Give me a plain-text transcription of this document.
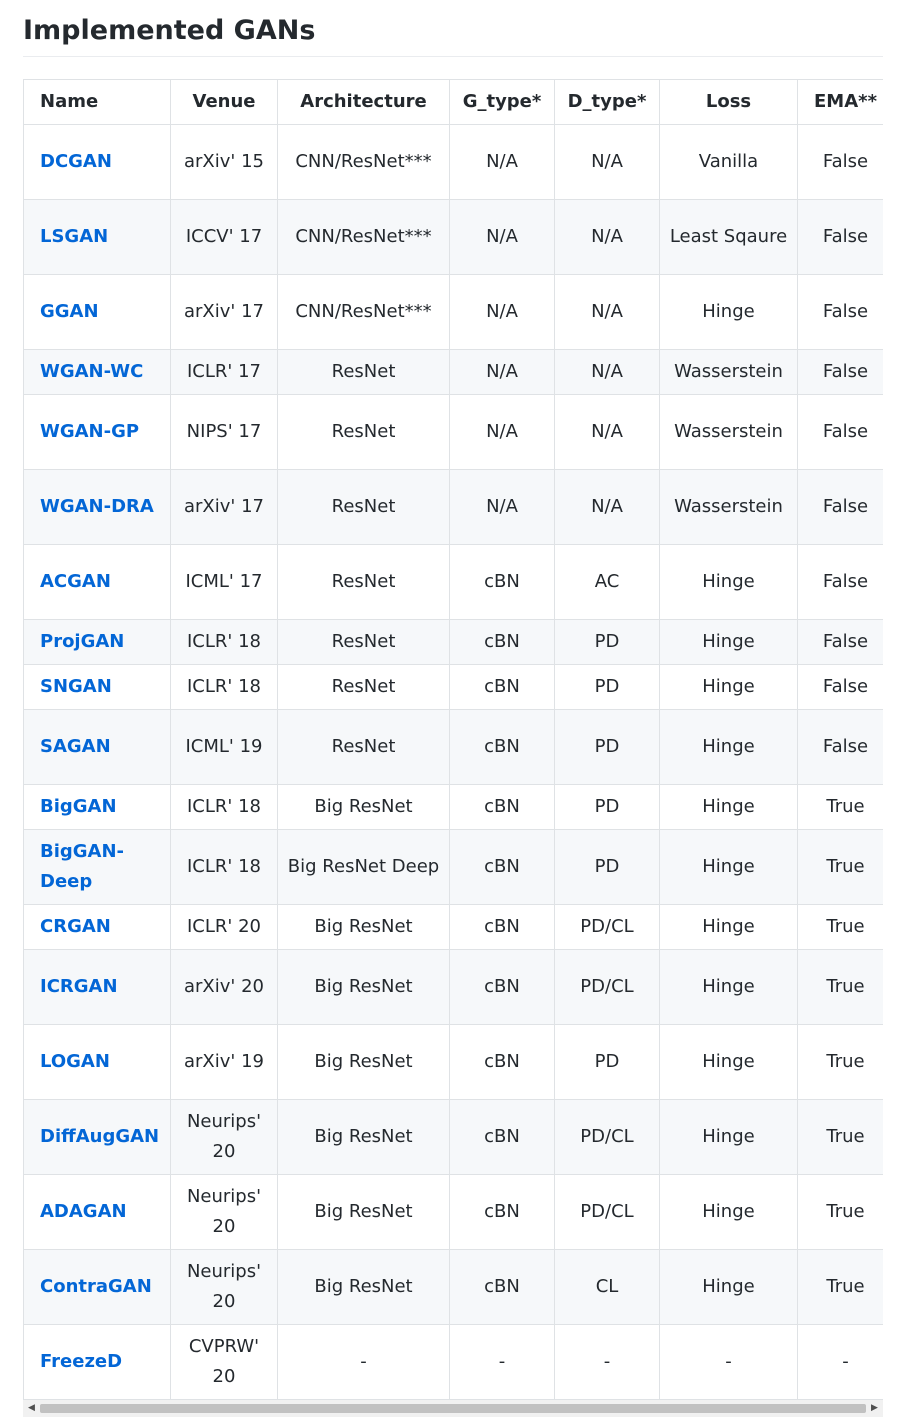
Implemented GANs
Name	Venue	Architecture	G_type*	D_type*	Loss	EMA**
DCGAN	arXiv' 15	CNN/ResNet***	N/A	N/A	Vanilla	False
LSGAN	ICCV' 17	CNN/ResNet***	N/A	N/A	Least Sqaure	False
GGAN	arXiv' 17	CNN/ResNet***	N/A	N/A	Hinge	False
WGAN-WC	ICLR' 17	ResNet	N/A	N/A	Wasserstein	False
WGAN-GP	NIPS' 17	ResNet	N/A	N/A	Wasserstein	False
WGAN-DRA	arXiv' 17	ResNet	N/A	N/A	Wasserstein	False
ACGAN	ICML' 17	ResNet	cBN	AC	Hinge	False
ProjGAN	ICLR' 18	ResNet	cBN	PD	Hinge	False
SNGAN	ICLR' 18	ResNet	cBN	PD	Hinge	False
SAGAN	ICML' 19	ResNet	cBN	PD	Hinge	False
BigGAN	ICLR' 18	Big ResNet	cBN	PD	Hinge	True
BigGAN-Deep	ICLR' 18	Big ResNet Deep	cBN	PD	Hinge	True
CRGAN	ICLR' 20	Big ResNet	cBN	PD/CL	Hinge	True
ICRGAN	arXiv' 20	Big ResNet	cBN	PD/CL	Hinge	True
LOGAN	arXiv' 19	Big ResNet	cBN	PD	Hinge	True
DiffAugGAN	Neurips' 20	Big ResNet	cBN	PD/CL	Hinge	True
ADAGAN	Neurips' 20	Big ResNet	cBN	PD/CL	Hinge	True
ContraGAN	Neurips' 20	Big ResNet	cBN	CL	Hinge	True
FreezeD	CVPRW' 20	-	-	-	-	-
◀	▶
